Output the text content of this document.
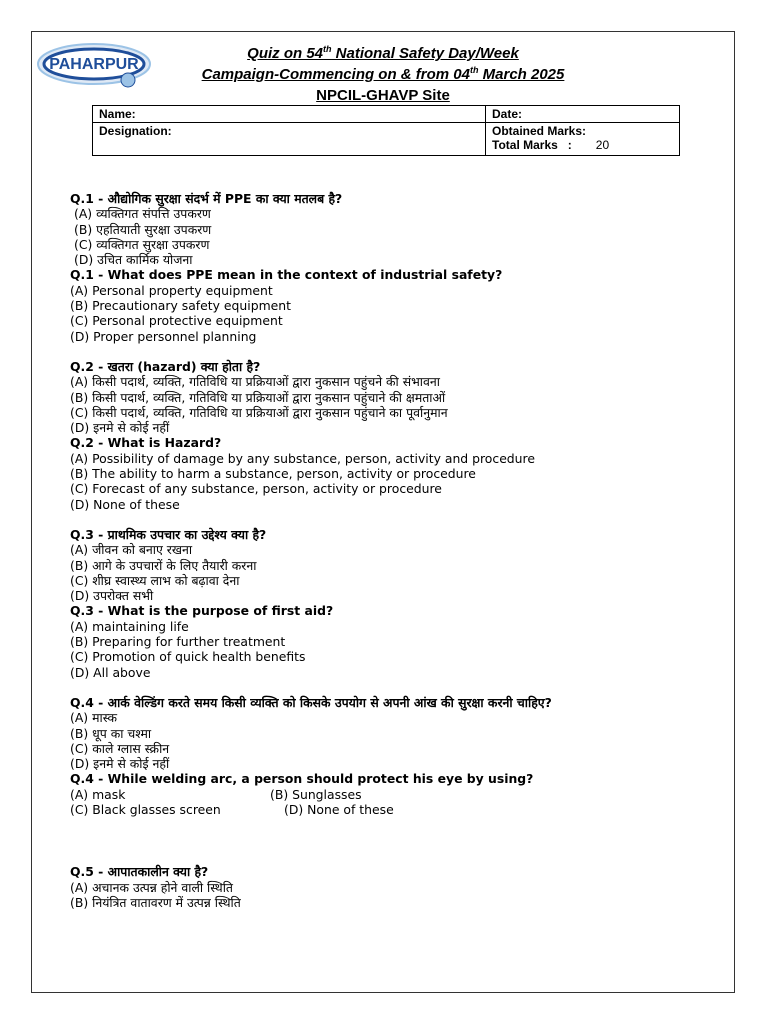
PAHARPUR
Quiz on 54th National Safety Day/Week
Campaign-Commencing on & from 04th March 2025
NPCIL-GHAVP Site
Name:	Date:
Designation:	Obtained Marks:
Total Marks   : 20
Q.1 - औद्योगिक सुरक्षा संदर्भ में PPE का क्या मतलब है?
(A) व्यक्तिगत संपत्ति उपकरण
(B) एहतियाती सुरक्षा उपकरण
(C) व्यक्तिगत सुरक्षा उपकरण
(D) उचित कार्मिक योजना
Q.1 - What does PPE mean in the context of industrial safety?
(A) Personal property equipment
(B) Precautionary safety equipment
(C) Personal protective equipment
(D) Proper personnel planning
Q.2 - खतरा (hazard) क्या होता है?
(A) किसी पदार्थ, व्यक्ति, गतिविधि या प्रक्रियाओं द्वारा नुकसान पहुंचने की संभावना
(B) किसी पदार्थ, व्यक्ति, गतिविधि या प्रक्रियाओं द्वारा नुकसान पहुंचाने की क्षमताओं
(C) किसी पदार्थ, व्यक्ति, गतिविधि या प्रक्रियाओं द्वारा नुकसान पहुंचाने का पूर्वानुमान
(D) इनमे से कोई नहीं
Q.2 - What is Hazard?
(A) Possibility of damage by any substance, person, activity and procedure
(B) The ability to harm a substance, person, activity or procedure
(C) Forecast of any substance, person, activity or procedure
(D) None of these
Q.3 - प्राथमिक उपचार का उद्देश्य क्या है?
(A) जीवन को बनाए रखना
(B) आगे के उपचारों के लिए तैयारी करना
(C) शीघ्र स्वास्थ्य लाभ को बढ़ावा देना
(D) उपरोक्त सभी
Q.3 - What is the purpose of first aid?
(A) maintaining life
(B) Preparing for further treatment
(C) Promotion of quick health benefits
(D) All above
Q.4 - आर्क वेल्डिंग करते समय किसी व्यक्ति को किसके उपयोग से अपनी आंख की सुरक्षा करनी चाहिए?
(A) मास्क
(B) धूप का चश्मा
(C) काले ग्लास स्क्रीन
(D) इनमे से कोई नहीं
Q.4 - While welding arc, a person should protect his eye by using?
(A) mask	(B) Sunglasses
(C) Black glasses screen	(D) None of these
Q.5 - आपातकालीन क्या है?
(A) अचानक उत्पन्न होने वाली स्थिति
(B) नियंत्रित वातावरण में उत्पन्न स्थिति
